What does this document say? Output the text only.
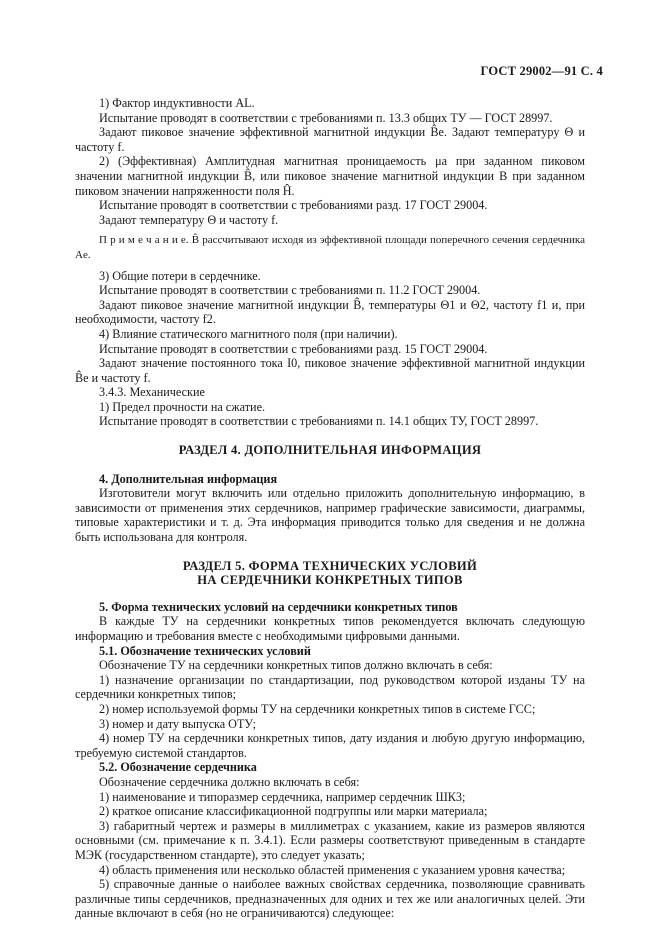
ГОСТ 29002—91 С. 4

1) Фактор индуктивности AL.

Испытание проводят в соответствии с требованиями п. 13.3 общих ТУ — ГОСТ 28997.

Задают пиковое значение эффективной магнитной индукции B̂e. Задают температуру Θ и частоту f.

2) (Эффективная) Амплитудная магнитная проницаемость μa при заданном пиковом значении магнитной индукции B̂, или пиковое значение магнитной индукции B при заданном пиковом значении напряженности поля Ĥ.

Испытание проводят в соответствии с требованиями разд. 17 ГОСТ 29004.

Задают температуру Θ и частоту f.

П р и м е ч а н и е. B̂ рассчитывают исходя из эффективной площади поперечного сечения сердечника Ae.

3) Общие потери в сердечнике.

Испытание проводят в соответствии с требованиями п. 11.2 ГОСТ 29004.

Задают пиковое значение магнитной индукции B̂, температуры Θ1 и Θ2, частоту f1 и, при необходимости, частоту f2.

4) Влияние статического магнитного поля (при наличии).

Испытание проводят в соответствии с требованиями разд. 15 ГОСТ 29004.

Задают значение постоянного тока I0, пиковое значение эффективной магнитной индукции B̂e и частоту f.

3.4.3. Механические

1) Предел прочности на сжатие.

Испытание проводят в соответствии с требованиями п. 14.1 общих ТУ, ГОСТ 28997.

РАЗДЕЛ 4. ДОПОЛНИТЕЛЬНАЯ ИНФОРМАЦИЯ

4. Дополнительная информация

Изготовители могут включить или отдельно приложить дополнительную информацию, в зависимости от применения этих сердечников, например графические зависимости, диаграммы, типовые характеристики и т. д. Эта информация приводится только для сведения и не должна быть использована для контроля.

РАЗДЕЛ 5. ФОРМА ТЕХНИЧЕСКИХ УСЛОВИЙ

НА СЕРДЕЧНИКИ КОНКРЕТНЫХ ТИПОВ

5. Форма технических условий на сердечники конкретных типов

В каждые ТУ на сердечники конкретных типов рекомендуется включать следующую информацию и требования вместе с необходимыми цифровыми данными.

5.1. Обозначение технических условий

Обозначение ТУ на сердечники конкретных типов должно включать в себя:

1) назначение организации по стандартизации, под руководством которой изданы ТУ на сердечники конкретных типов;

2) номер используемой формы ТУ на сердечники конкретных типов в системе ГСС;

3) номер и дату выпуска ОТУ;

4) номер ТУ на сердечники конкретных типов, дату издания и любую другую информацию, требуемую системой стандартов.

5.2. Обозначение сердечника

Обозначение сердечника должно включать в себя:

1) наименование и типоразмер сердечника, например сердечник ШК3;

2) краткое описание классификационной подгруппы или марки материала;

3) габаритный чертеж и размеры в миллиметрах с указанием, какие из размеров являются основными (см. примечание к п. 3.4.1). Если размеры соответствуют приведенным в стандарте МЭК (государственном стандарте), это следует указать;

4) область применения или несколько областей применения с указанием уровня качества;

5) справочные данные о наиболее важных свойствах сердечника, позволяющие сравнивать различные типы сердечников, предназначенных для одних и тех же или аналогичных целей. Эти данные включают в себя (но не ограничиваются) следующее:
